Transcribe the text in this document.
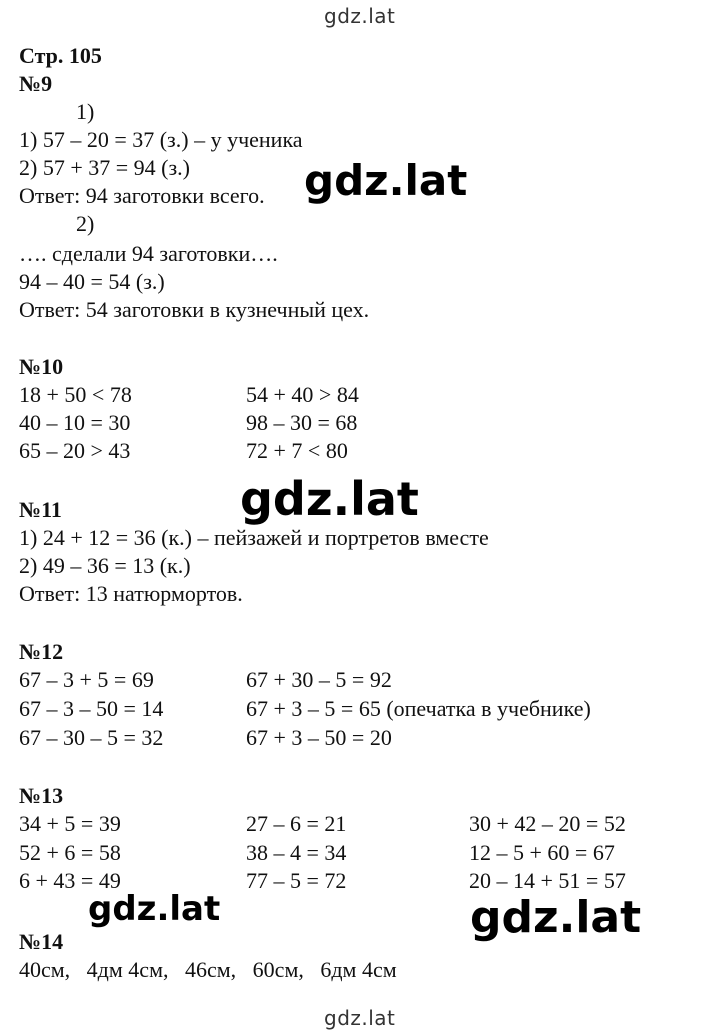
gdz.lat
Стр. 105
№9
1)
1) 57 – 20 = 37 (з.) – у ученика
2) 57 + 37 = 94 (з.)
Ответ: 94 заготовки всего. gdz.lat
2)
…. сделали 94 заготовки….
94 – 40 = 54 (з.)
Ответ: 54 заготовки в кузнечный цех.
№10
18 + 50 < 78	54 + 40 > 84
40 – 10 = 30	98 – 30 = 68
65 – 20 > 43	72 + 7 < 80
gdz.lat
№11
1) 24 + 12 = 36 (к.) – пейзажей и портретов вместе
2) 49 – 36 = 13 (к.)
Ответ: 13 натюрмортов.
№12
67 – 3 + 5 = 69	67 + 30 – 5 = 92
67 – 3 – 50 = 14	67 + 3 – 5 = 65 (опечатка в учебнике)
67 – 30 – 5 = 32	67 + 3 – 50 = 20
№13
34 + 5 = 39	27 – 6 = 21	30 + 42 – 20 = 52
52 + 6 = 58	38 – 4 = 34	12 – 5 + 60 = 67
6 + 43 = 49	77 – 5 = 72	20 – 14 + 51 = 57
gdz.lat	gdz.lat
№14
40см,   4дм 4см,   46см,   60см,   6дм 4см
gdz.lat
